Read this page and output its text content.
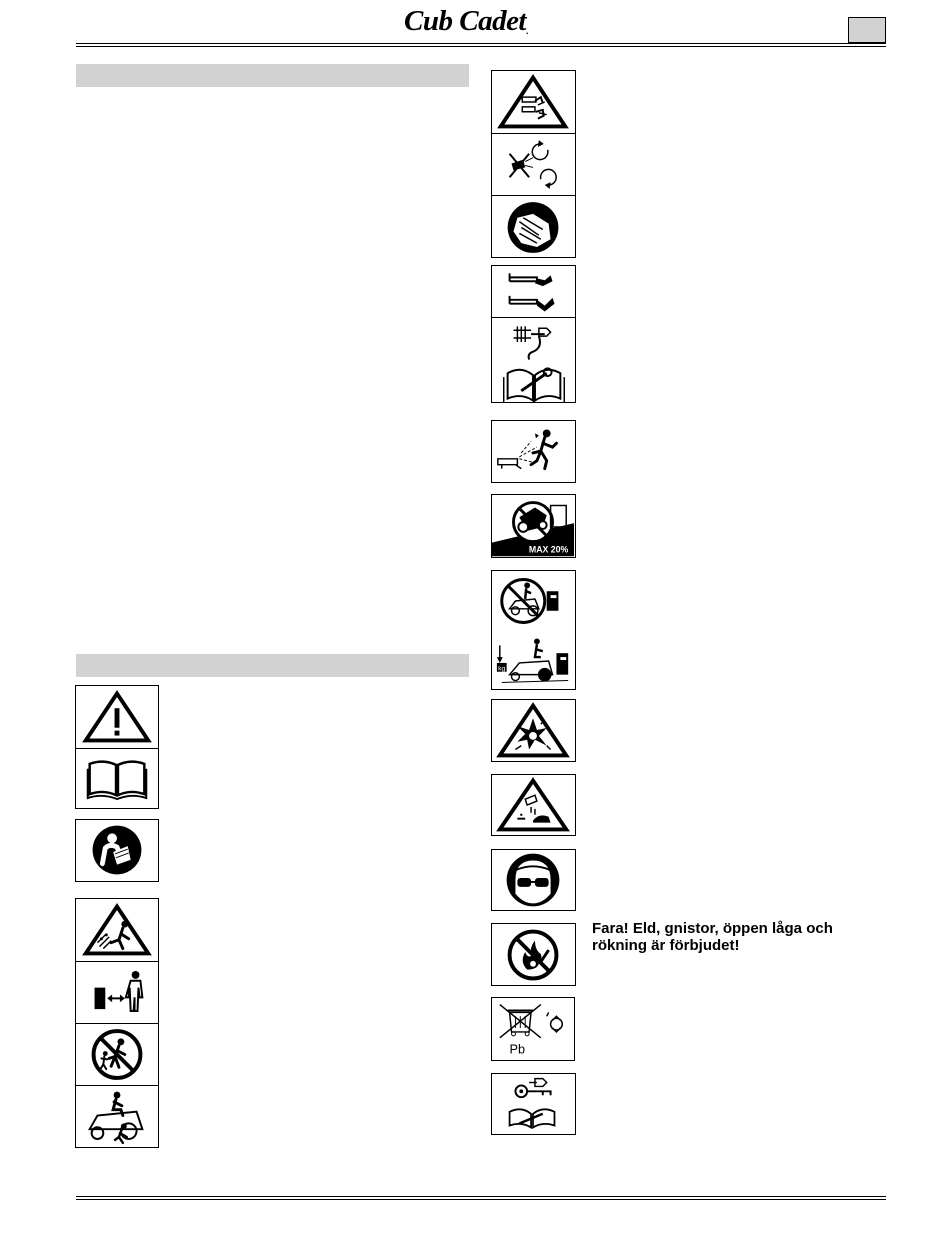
Cub Cadet.
MAX 20%
kg
Fara! Eld, gnistor, öppen låga och rökning är förbjudet!
Pb
